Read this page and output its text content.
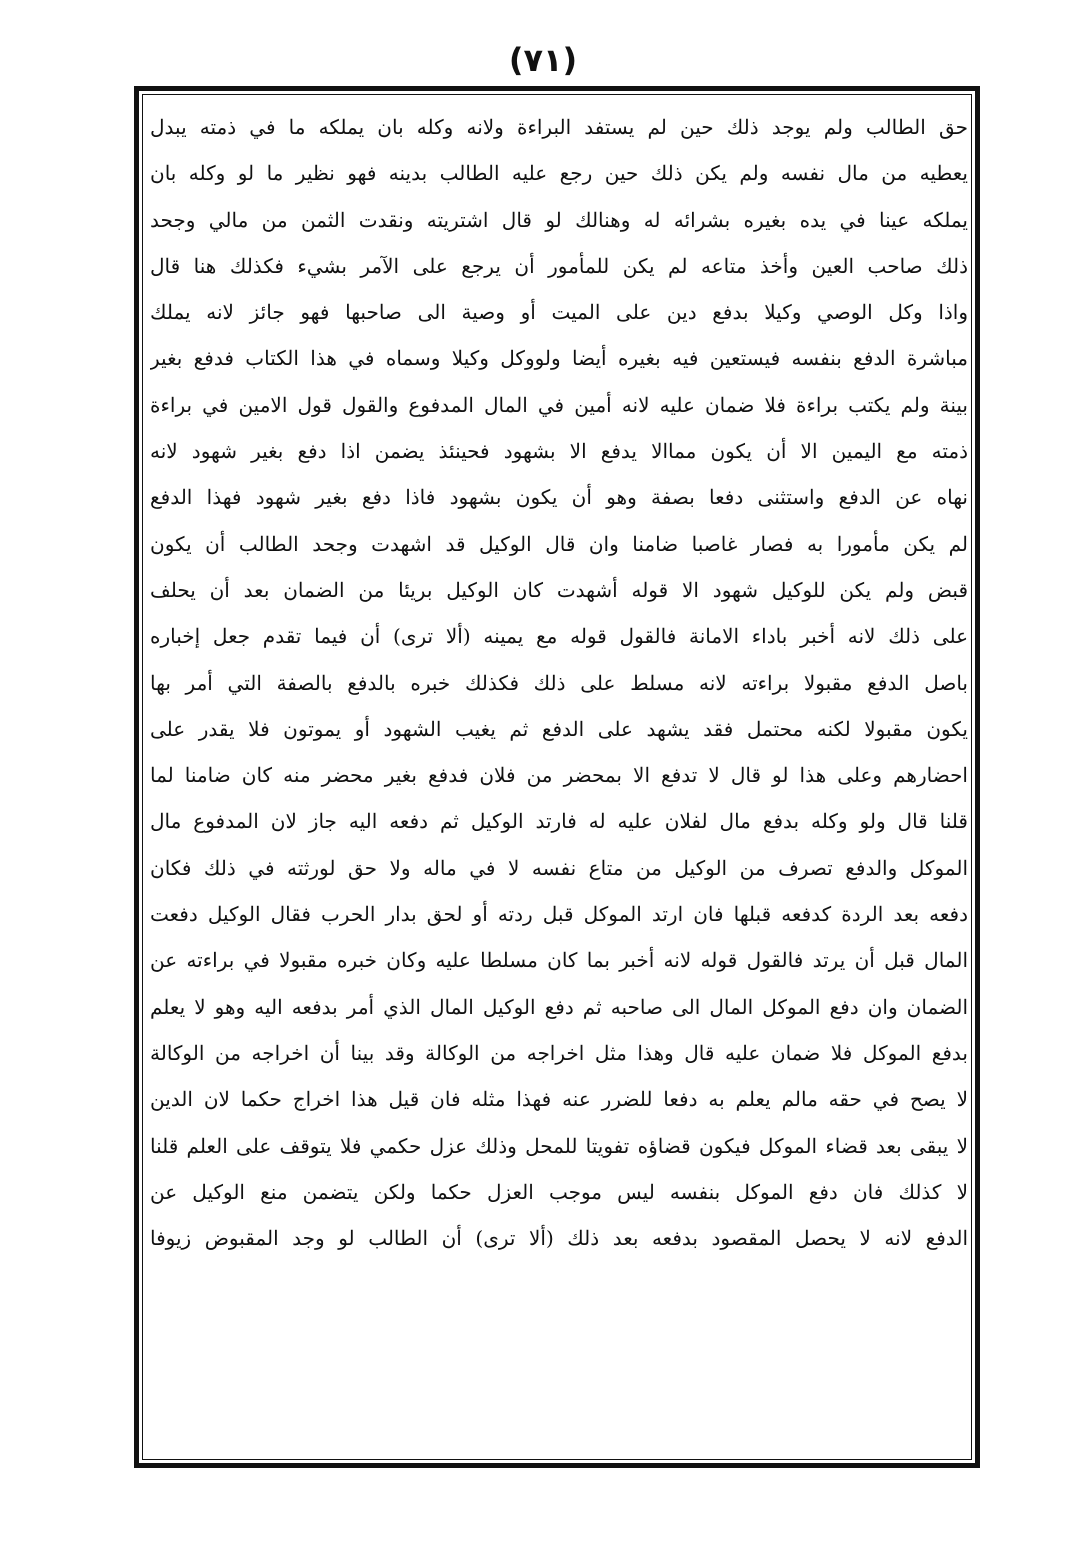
(٧١)
حق الطالب ولم يوجد ذلك حين لم يستفد البراءة ولانه وكله بان يملكه ما في ذمته يبدل
يعطيه من مال نفسه ولم يكن ذلك حين رجع عليه الطالب بدينه فهو نظير ما لو وكله بان
يملكه عينا في يده بغيره بشرائه له وهنالك لو قال اشتريته ونقدت الثمن من مالي وجحد
ذلك صاحب العين وأخذ متاعه لم يكن للمأمور أن يرجع على الآمر بشيء فكذلك هنا قال
واذا وكل الوصي وكيلا بدفع دين على الميت أو وصية الى صاحبها فهو جائز لانه يملك
مباشرة الدفع بنفسه فيستعين فيه بغيره أيضا ولووكل وكيلا وسماه في هذا الكتاب فدفع بغير
بينة ولم يكتب براءة فلا ضمان عليه لانه أمين في المال المدفوع والقول قول الامين في براءة
ذمته مع اليمين الا أن يكون مماالا يدفع الا بشهود فحينئذ يضمن اذا دفع بغير شهود لانه
نهاه عن الدفع واستثنى دفعا بصفة وهو أن يكون بشهود فاذا دفع بغير شهود فهذا الدفع
لم يكن مأمورا به فصار غاصبا ضامنا وان قال الوكيل قد اشهدت وجحد الطالب أن يكون
قبض ولم يكن للوكيل شهود الا قوله أشهدت كان الوكيل بريئا من الضمان بعد أن يحلف
على ذلك لانه أخبر باداء الامانة فالقول قوله مع يمينه (ألا ترى) أن فيما تقدم جعل إخباره
باصل الدفع مقبولا براءته لانه مسلط على ذلك فكذلك خبره بالدفع بالصفة التي أمر بها
يكون مقبولا لكنه محتمل فقد يشهد على الدفع ثم يغيب الشهود أو يموتون فلا يقدر على
احضارهم وعلى هذا لو قال لا تدفع الا بمحضر من فلان فدفع بغير محضر منه كان ضامنا لما
قلنا قال ولو وكله بدفع مال لفلان عليه له فارتد الوكيل ثم دفعه اليه جاز لان المدفوع مال
الموكل والدفع تصرف من الوكيل من متاع نفسه لا في ماله ولا حق لورثته في ذلك فكان
دفعه بعد الردة كدفعه قبلها فان ارتد الموكل قبل ردته أو لحق بدار الحرب فقال الوكيل دفعت
المال قبل أن يرتد فالقول قوله لانه أخبر بما كان مسلطا عليه وكان خبره مقبولا في براءته عن
الضمان وان دفع الموكل المال الى صاحبه ثم دفع الوكيل المال الذي أمر بدفعه اليه وهو لا يعلم
بدفع الموكل فلا ضمان عليه قال وهذا مثل اخراجه من الوكالة وقد بينا أن اخراجه من الوكالة
لا يصح في حقه مالم يعلم به دفعا للضرر عنه فهذا مثله فان قيل هذا اخراج حكما لان الدين
لا يبقى بعد قضاء الموكل فيكون قضاؤه تفويتا للمحل وذلك عزل حكمي فلا يتوقف على العلم قلنا
لا كذلك فان دفع الموكل بنفسه ليس موجب العزل حكما ولكن يتضمن منع الوكيل عن
الدفع لانه لا يحصل المقصود بدفعه بعد ذلك (ألا ترى) أن الطالب لو وجد المقبوض زيوفا
